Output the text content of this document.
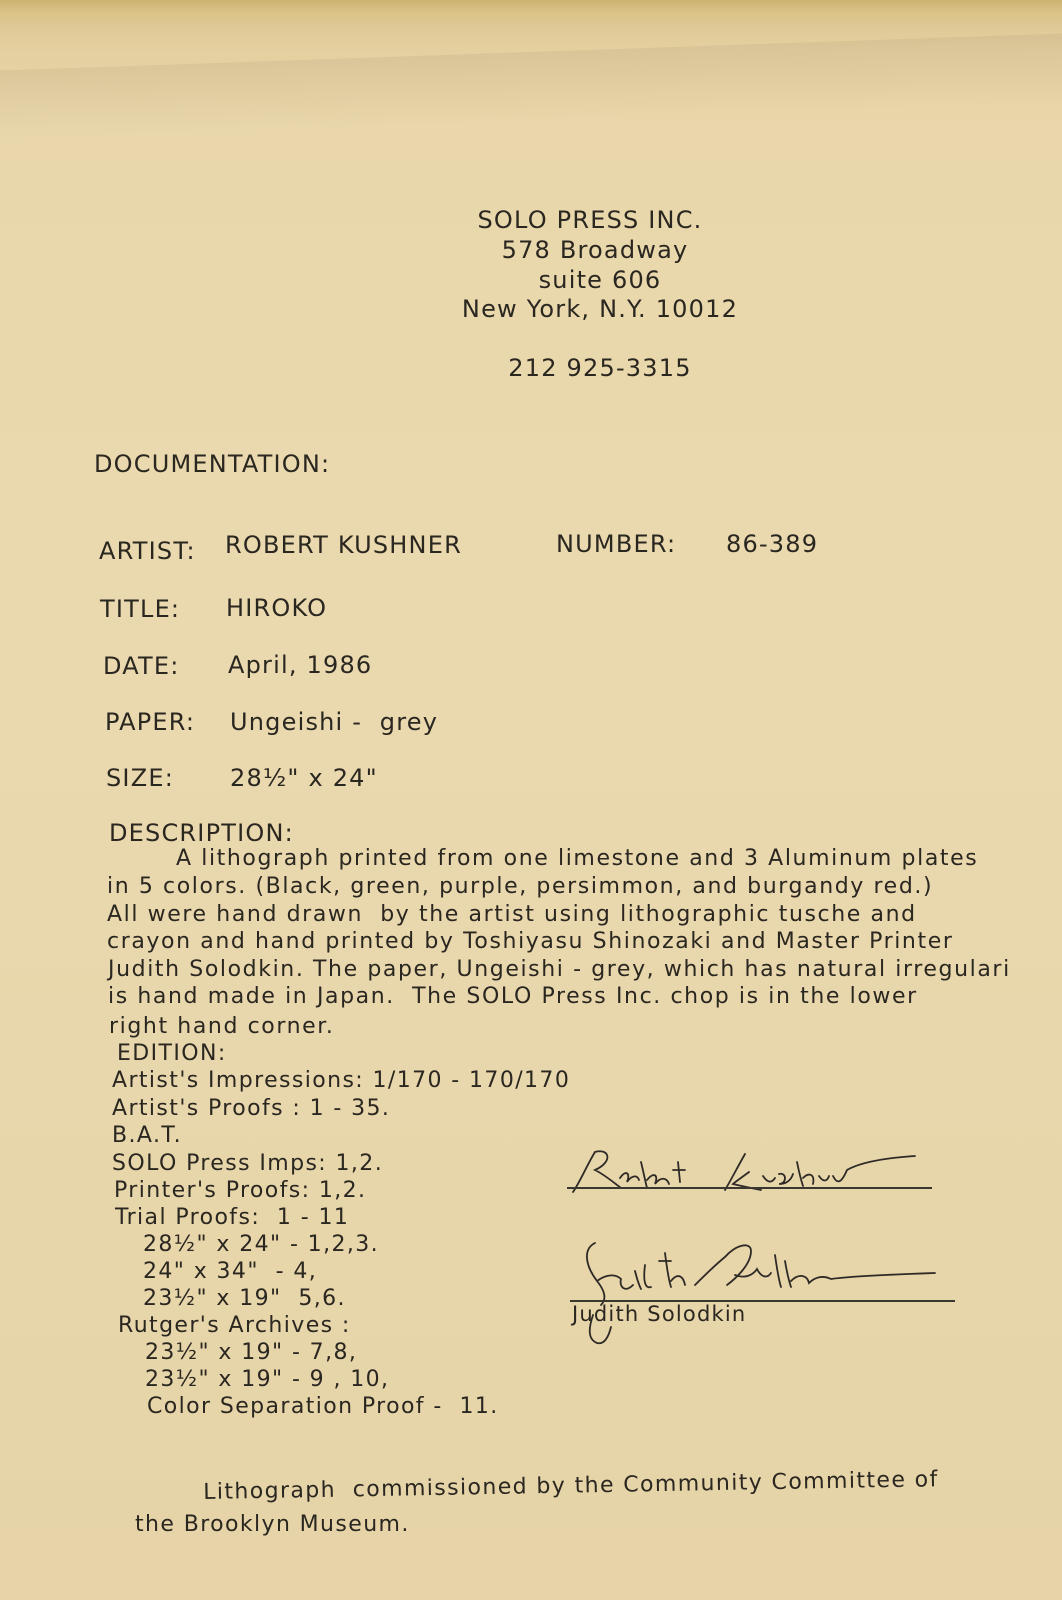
SOLO PRESS INC.
578 Broadway
suite 606
New York, N.Y. 10012
212 925-3315
DOCUMENTATION:
ARTIST: ROBERT KUSHNER	NUMBER: 86-389
TITLE: HIROKO
DATE: April, 1986
PAPER: Ungeishi -  grey
SIZE: 28½" x 24"
DESCRIPTION:
A lithograph printed from one limestone and 3 Aluminum plates
in 5 colors. (Black, green, purple, persimmon, and burgandy red.)
All were hand drawn  by the artist using lithographic tusche and
crayon and hand printed by Toshiyasu Shinozaki and Master Printer
Judith Solodkin. The paper, Ungeishi - grey, which has natural irregulari
is hand made in Japan.  The SOLO Press Inc. chop is in the lower
right hand corner.
EDITION:
Artist's Impressions: 1/170 - 170/170
Artist's Proofs : 1 - 35.
B.A.T.
SOLO Press Imps: 1,2.
Printer's Proofs: 1,2.
Trial Proofs:  1 - 11
28½" x 24" - 1,2,3.
24" x 34"  - 4,
23½" x 19"  5,6.
Rutger's Archives :
23½" x 19" - 7,8,
23½" x 19" - 9 , 10,
Color Separation Proof -  11.
Judith Solodkin
Lithograph  commissioned by the Community Committee of
the Brooklyn Museum.
